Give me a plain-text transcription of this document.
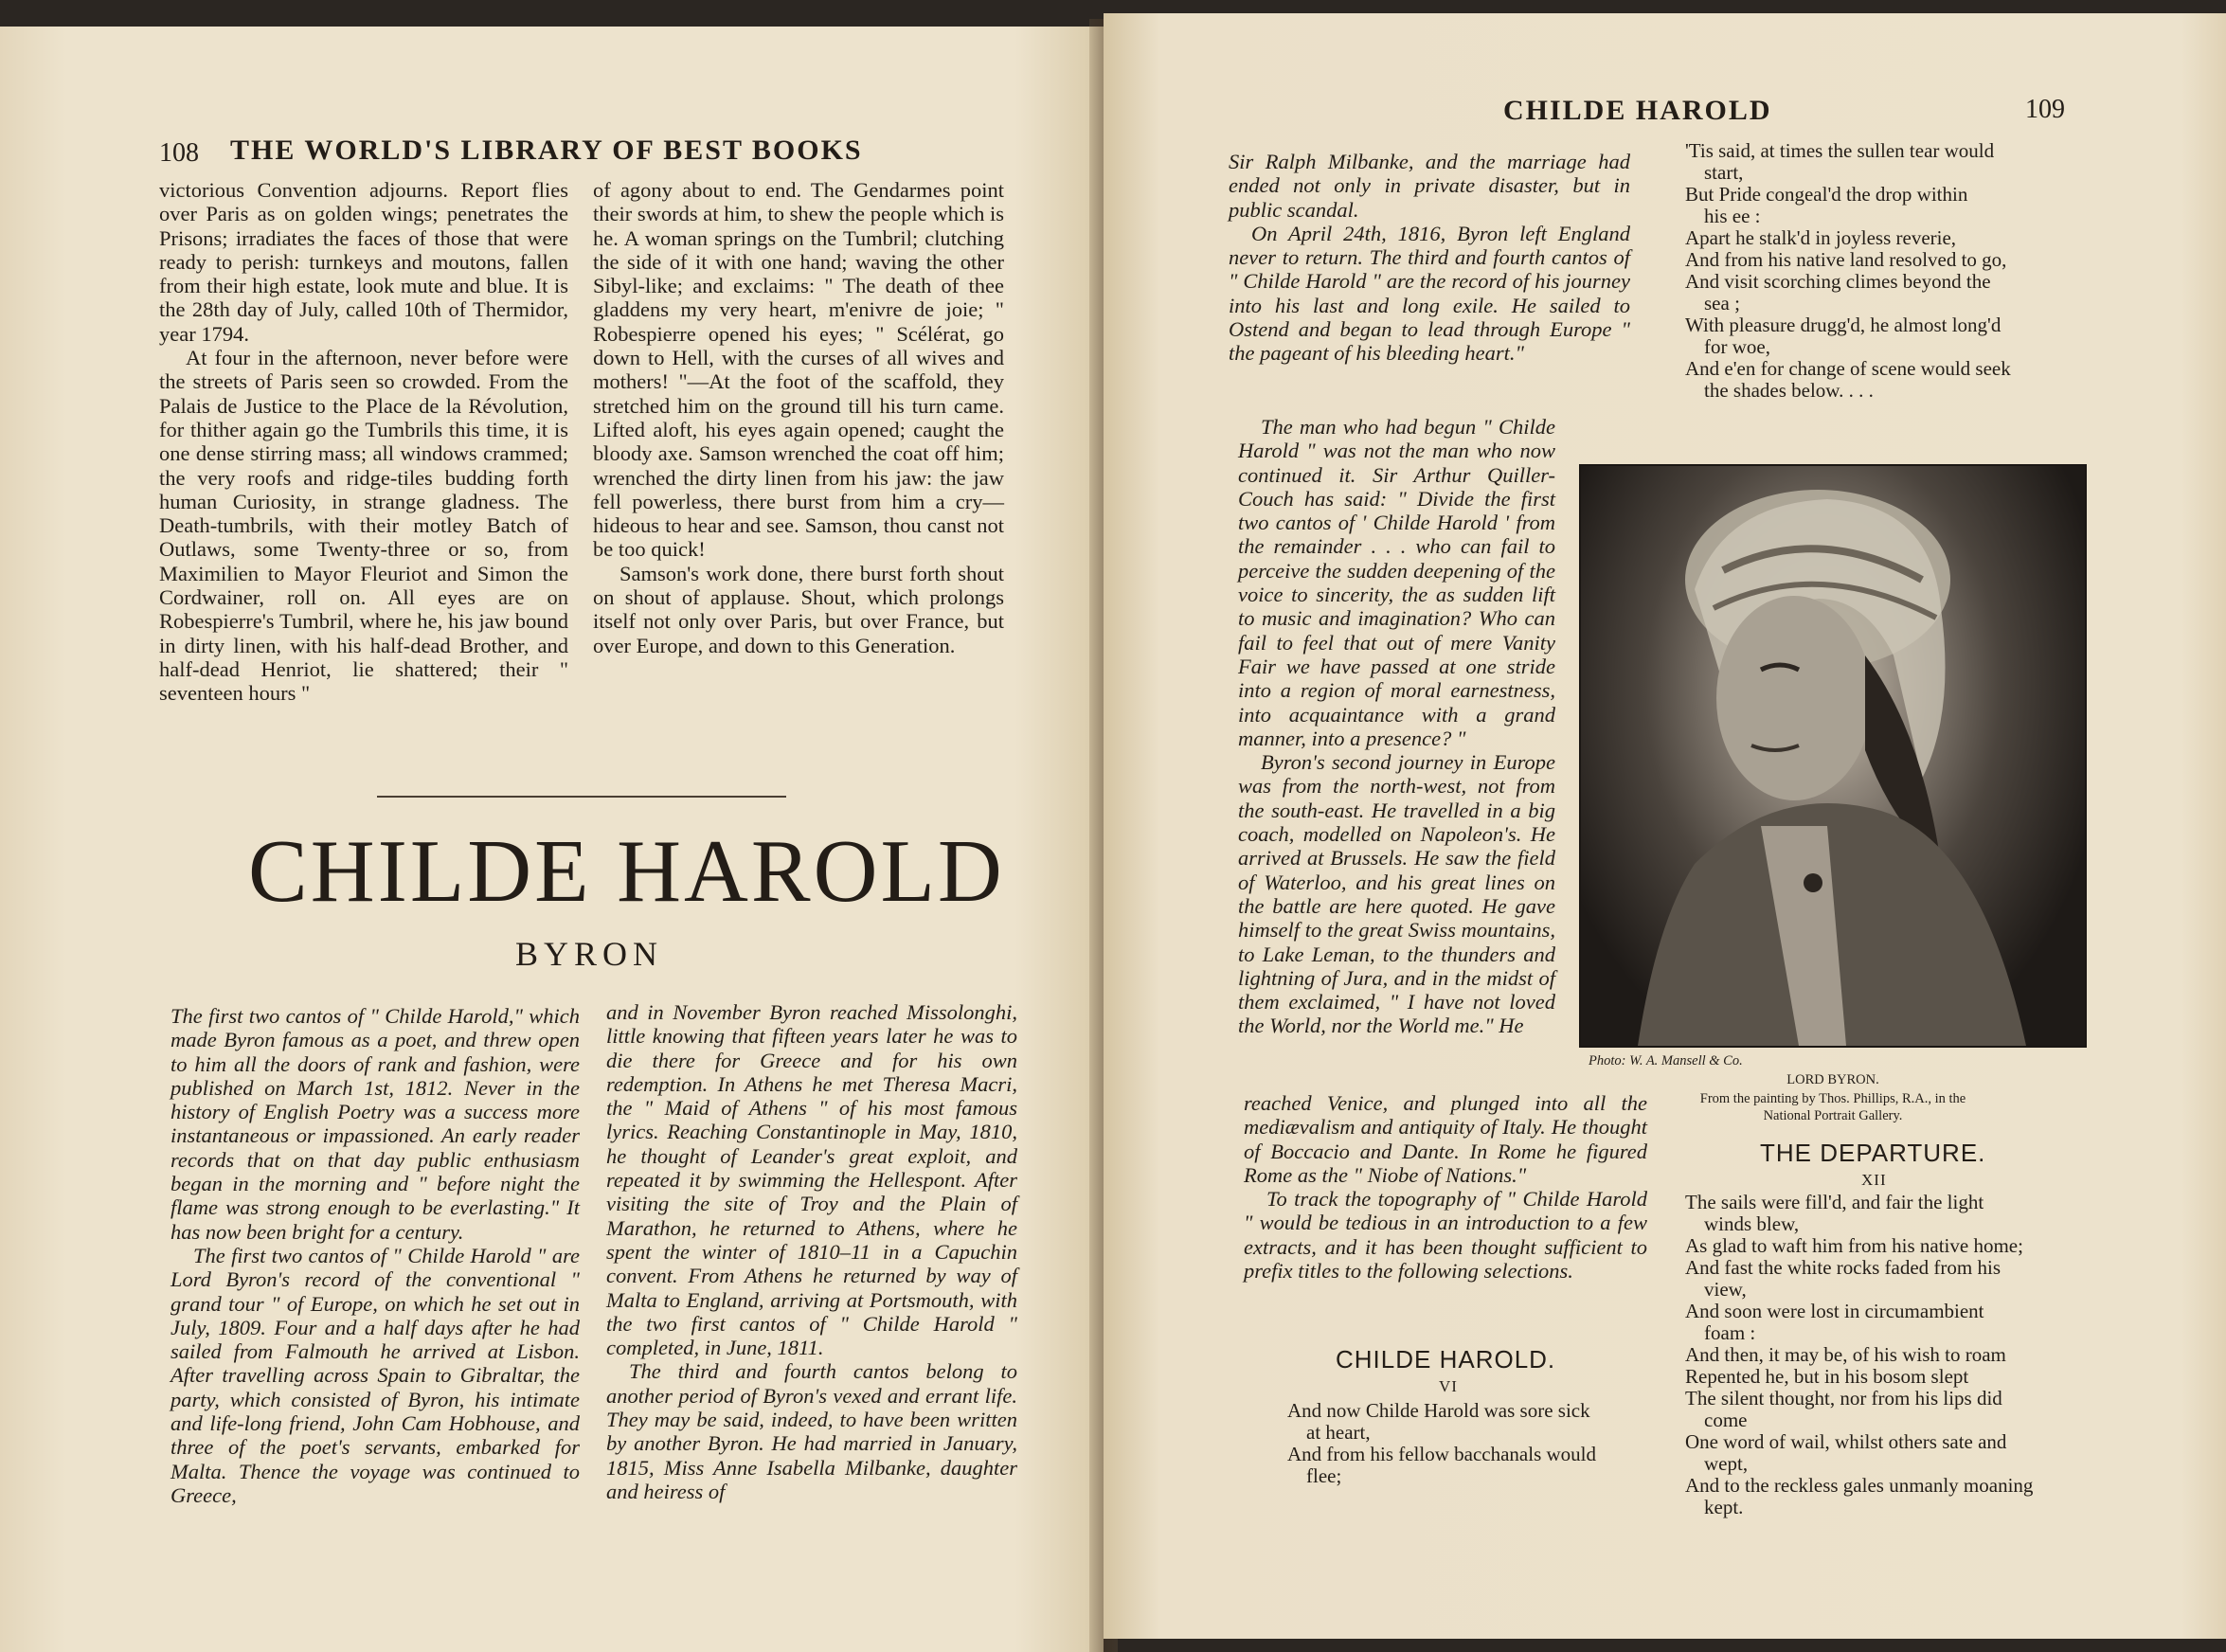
108 THE WORLD'S LIBRARY OF BEST BOOKS

victorious Convention adjourns. Report flies over Paris as on golden wings; penetrates the Prisons; irradiates the faces of those that were ready to perish: turnkeys and moutons, fallen from their high estate, look mute and blue. It is the 28th day of July, called 10th of Thermidor, year 1794.

At four in the afternoon, never before were the streets of Paris seen so crowded. From the Palais de Justice to the Place de la Révolution, for thither again go the Tumbrils this time, it is one dense stirring mass; all windows crammed; the very roofs and ridge-tiles budding forth human Curiosity, in strange gladness. The Death-tumbrils, with their motley Batch of Outlaws, some Twenty-three or so, from Maximilien to Mayor Fleuriot and Simon the Cordwainer, roll on. All eyes are on Robespierre's Tumbril, where he, his jaw bound in dirty linen, with his half-dead Brother, and half-dead Henriot, lie shattered; their " seventeen hours "

of agony about to end. The Gendarmes point their swords at him, to shew the people which is he. A woman springs on the Tumbril; clutching the side of it with one hand; waving the other Sibyl-like; and exclaims: " The death of thee gladdens my very heart, m'enivre de joie; " Robespierre opened his eyes; " Scélérat, go down to Hell, with the curses of all wives and mothers! "—At the foot of the scaffold, they stretched him on the ground till his turn came. Lifted aloft, his eyes again opened; caught the bloody axe. Samson wrenched the coat off him; wrenched the dirty linen from his jaw: the jaw fell powerless, there burst from him a cry—hideous to hear and see. Samson, thou canst not be too quick!

Samson's work done, there burst forth shout on shout of applause. Shout, which prolongs itself not only over Paris, but over France, but over Europe, and down to this Generation.

CHILDE HAROLD
BYRON

The first two cantos of " Childe Harold," which made Byron famous as a poet, and threw open to him all the doors of rank and fashion, were published on March 1st, 1812. Never in the history of English Poetry was a success more instantaneous or impassioned. An early reader records that on that day public enthusiasm began in the morning and " before night the flame was strong enough to be everlasting." It has now been bright for a century.

The first two cantos of " Childe Harold " are Lord Byron's record of the conventional " grand tour " of Europe, on which he set out in July, 1809. Four and a half days after he had sailed from Falmouth he arrived at Lisbon. After travelling across Spain to Gibraltar, the party, which consisted of Byron, his intimate and life-long friend, John Cam Hobhouse, and three of the poet's servants, embarked for Malta. Thence the voyage was continued to Greece,

and in November Byron reached Missolonghi, little knowing that fifteen years later he was to die there for Greece and for his own redemption. In Athens he met Theresa Macri, the " Maid of Athens " of his most famous lyrics. Reaching Constantinople in May, 1810, he thought of Leander's great exploit, and repeated it by swimming the Hellespont. After visiting the site of Troy and the Plain of Marathon, he returned to Athens, where he spent the winter of 1810–11 in a Capuchin convent. From Athens he returned by way of Malta to England, arriving at Portsmouth, with the two first cantos of " Childe Harold " completed, in June, 1811.

The third and fourth cantos belong to another period of Byron's vexed and errant life. They may be said, indeed, to have been written by another Byron. He had married in January, 1815, Miss Anne Isabella Milbanke, daughter and heiress of

CHILDE HAROLD	109

Sir Ralph Milbanke, and the marriage had ended not only in private disaster, but in public scandal.

On April 24th, 1816, Byron left England never to return. The third and fourth cantos of " Childe Harold " are the record of his journey into his last and long exile. He sailed to Ostend and began to lead through Europe " the pageant of his bleeding heart."

The man who had begun " Childe Harold " was not the man who now continued it. Sir Arthur Quiller-Couch has said: " Divide the first two cantos of ' Childe Harold ' from the remainder . . . who can fail to perceive the sudden deepening of the voice to sincerity, the as sudden lift to music and imagination? Who can fail to feel that out of mere Vanity Fair we have passed at one stride into a region of moral earnestness, into acquaintance with a grand manner, into a presence? "

Byron's second journey in Europe was from the north-west, not from the south-east. He travelled in a big coach, modelled on Napoleon's. He arrived at Brussels. He saw the field of Waterloo, and his great lines on the battle are here quoted. He gave himself to the great Swiss mountains, to Lake Leman, to the thunders and lightning of Jura, and in the midst of them exclaimed, " I have not loved the World, nor the World me." He

reached Venice, and plunged into all the mediævalism and antiquity of Italy. He thought of Boccacio and Dante. In Rome he figured Rome as the " Niobe of Nations."

To track the topography of " Childe Harold " would be tedious in an introduction to a few extracts, and it has been thought sufficient to prefix titles to the following selections.

CHILDE HAROLD.
VI
And now Childe Harold was sore sick
at heart,
And from his fellow bacchanals would
flee;
'Tis said, at times the sullen tear would
start,
But Pride congeal'd the drop within
his ee :
Apart he stalk'd in joyless reverie,
And from his native land resolved to go,
And visit scorching climes beyond the
sea ;
With pleasure drugg'd, he almost long'd
for woe,
And e'en for change of scene would seek
the shades below. . . .
Photo: W. A. Mansell & Co.
LORD BYRON.
From the painting by Thos. Phillips, R.A., in the
National Portrait Gallery.
THE DEPARTURE.
XII
The sails were fill'd, and fair the light
winds blew,
As glad to waft him from his native home;
And fast the white rocks faded from his
view,
And soon were lost in circumambient
foam :
And then, it may be, of his wish to roam
Repented he, but in his bosom slept
The silent thought, nor from his lips did
come
One word of wail, whilst others sate and
wept,
And to the reckless gales unmanly moaning
kept.
